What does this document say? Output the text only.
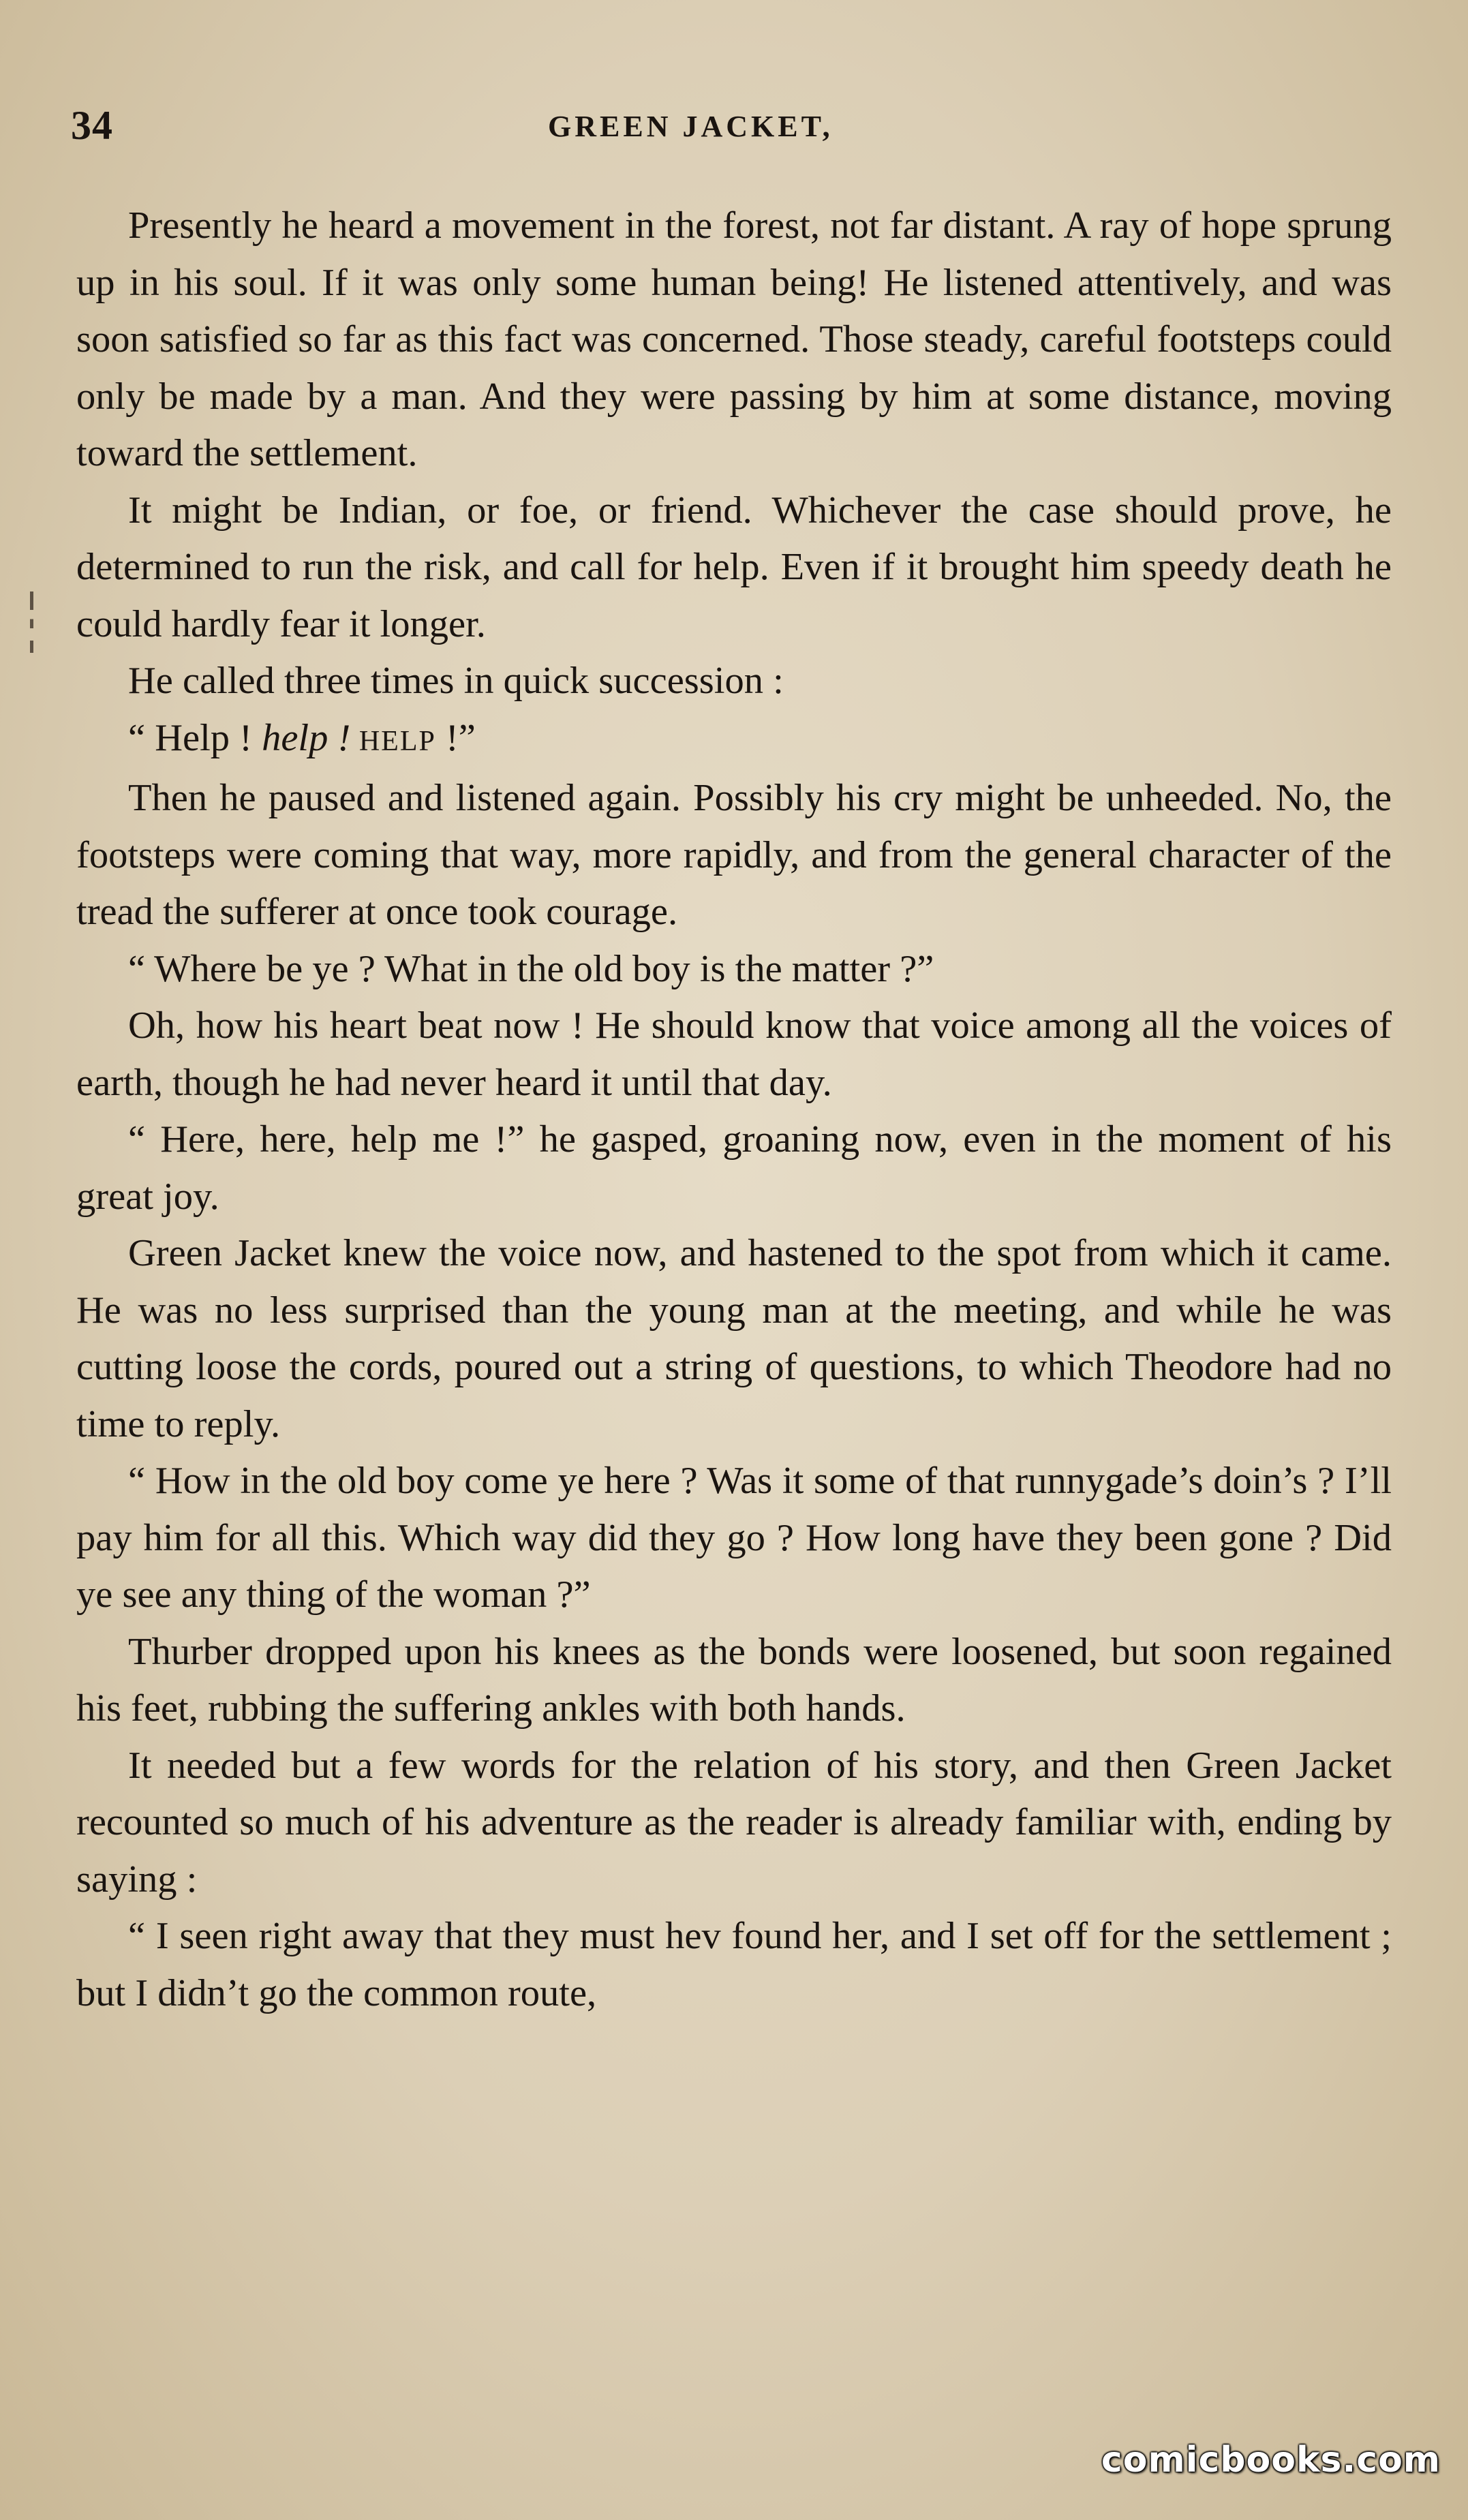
34	GREEN JACKET,

Presently he heard a movement in the forest, not far distant. A ray of hope sprung up in his soul. If it was only some human being! He listened attentively, and was soon satisfied so far as this fact was concerned. Those steady, careful footsteps could only be made by a man. And they were passing by him at some distance, moving toward the settlement.

It might be Indian, or foe, or friend. Whichever the case should prove, he determined to run the risk, and call for help. Even if it brought him speedy death he could hardly fear it longer.

He called three times in quick succession :

“ Help ! help ! HELP !”

Then he paused and listened again. Possibly his cry might be unheeded. No, the footsteps were coming that way, more rapidly, and from the general character of the tread the sufferer at once took courage.

“ Where be ye ? What in the old boy is the matter ?”

Oh, how his heart beat now ! He should know that voice among all the voices of earth, though he had never heard it until that day.

“ Here, here, help me !” he gasped, groaning now, even in the moment of his great joy.

Green Jacket knew the voice now, and hastened to the spot from which it came. He was no less surprised than the young man at the meeting, and while he was cutting loose the cords, poured out a string of questions, to which Theodore had no time to reply.

“ How in the old boy come ye here ? Was it some of that runnygade’s doin’s ? I’ll pay him for all this. Which way did they go ? How long have they been gone ? Did ye see any thing of the woman ?”

Thurber dropped upon his knees as the bonds were loosened, but soon regained his feet, rubbing the suffering ankles with both hands.

It needed but a few words for the relation of his story, and then Green Jacket recounted so much of his adventure as the reader is already familiar with, ending by saying :

“ I seen right away that they must hev found her, and I set off for the settlement ; but I didn’t go the common route,

comicbooks.com
